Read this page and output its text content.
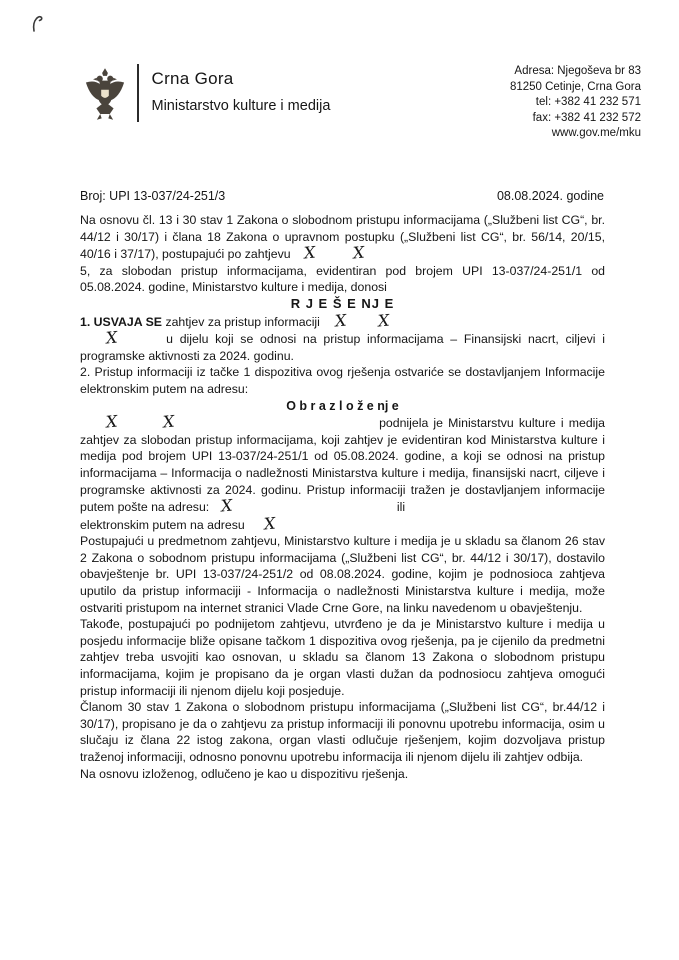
Crna Gora
Ministarstvo kulture i medija
Adresa: Njegoševa br 83
81250 Cetinje, Crna Gora
tel: +382 41 232 571
fax: +382 41 232 572
www.gov.me/mku
Broj: UPI 13-037/24-251/3	08.08.2024. godine

Na osnovu čl. 13 i 30 stav 1 Zakona o slobodnom pristupu informacijama („Službeni list CG“, br. 44/12 i 30/17) i člana 18 Zakona o upravnom postupku („Službeni list CG“, br. 56/14, 20/15, 40/16 i 37/17), postupajući po zahtjevu X X
5, za slobodan pristup informacijama, evidentiran pod brojem UPI 13-037/24-251/1 od 05.08.2024. godine, Ministarstvo kulture i medija, donosi

R J E Š E NJ E

1. USVAJA SE zahtjev za pristup informaciji X X
X	u dijelu koji se odnosi na pristup informacijama – Finansijski nacrt, ciljevi i programske aktivnosti za 2024. godinu.

2. Pristup informaciji iz tačke 1 dispozitiva ovog rješenja ostvariće se dostavljanjem Informacije elektronskim putem na adresu:

O b r a z l o ž e nj e

X	X	podnijela je Ministarstvu kulture i medija zahtjev za slobodan pristup informacijama, koji zahtjev je evidentiran kod Ministarstva kulture i medija pod brojem UPI 13-037/24-251/1 od 05.08.2024. godine, a koji se odnosi na pristup informacijama – Informacija o nadležnosti Ministarstva kulture i medija, finansijski nacrt, ciljeve i programske aktivnosti za 2024. godinu. Pristup informaciji tražen je dostavljanjem informacije putem pošte na adresu: X	ili
elektronskim putem na adresu X

Postupajući u predmetnom zahtjevu, Ministarstvo kulture i medija je u skladu sa članom 26 stav 2 Zakona o sobodnom pristupu informacijama („Službeni list CG“, br. 44/12 i 30/17), dostavilo obavještenje br. UPI 13-037/24-251/2 od 08.08.2024. godine, kojim je podnosioca zahtjeva uputilo da pristup informaciji - Informacija o nadležnosti Ministarstva kulture i medija, može ostvariti pristupom na internet stranici Vlade Crne Gore, na linku navedenom u obavještenju.

Takođe, postupajući po podnijetom zahtjevu, utvrđeno je da je Ministarstvo kulture i medija u posjedu informacije bliže opisane tačkom 1 dispozitiva ovog rješenja, pa je cijenilo da predmetni zahtjev treba usvojiti kao osnovan, u skladu sa članom 13 Zakona o slobodnom pristupu informacijama, kojim je propisano da je organ vlasti dužan da podnosiocu zahtjeva omogući pristup informaciji ili njenom dijelu koji posjeduje.

Članom 30 stav 1 Zakona o slobodnom pristupu informacijama („Službeni list CG“, br.44/12 i 30/17), propisano je da o zahtjevu za pristup informaciji ili ponovnu upotrebu informacija, osim u slučaju iz člana 22 istog zakona, organ vlasti odlučuje rješenjem, kojim dozvoljava pristup traženoj informaciji, odnosno ponovnu upotrebu informacija ili njenom dijelu ili zahtjev odbija.

Na osnovu izloženog, odlučeno je kao u dispozitivu rješenja.
